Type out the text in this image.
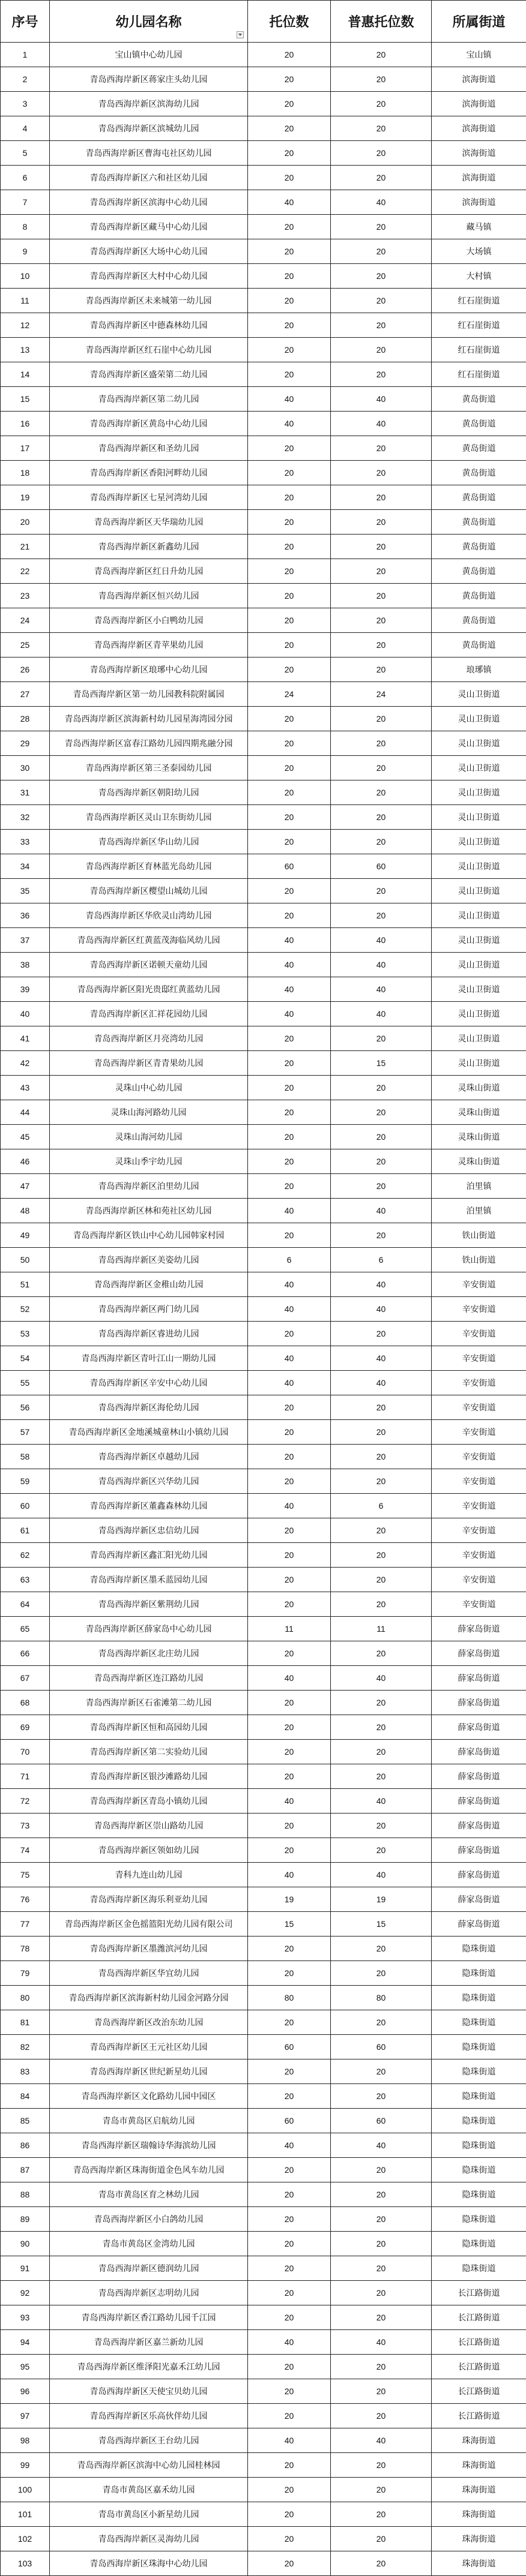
序号	幼儿园名称	托位数	普惠托位数	所属街道
1	宝山镇中心幼儿园	20	20	宝山镇
2	青岛西海岸新区蒋家庄头幼儿园	20	20	滨海街道
3	青岛西海岸新区滨海幼儿园	20	20	滨海街道
4	青岛西海岸新区滨城幼儿园	20	20	滨海街道
5	青岛西海岸新区曹海屯社区幼儿园	20	20	滨海街道
6	青岛西海岸新区六和社区幼儿园	20	20	滨海街道
7	青岛西海岸新区滨海中心幼儿园	40	40	滨海街道
8	青岛西海岸新区藏马中心幼儿园	20	20	藏马镇
9	青岛西海岸新区大场中心幼儿园	20	20	大场镇
10	青岛西海岸新区大村中心幼儿园	20	20	大村镇
11	青岛西海岸新区未来城第一幼儿园	20	20	红石崖街道
12	青岛西海岸新区中德森林幼儿园	20	20	红石崖街道
13	青岛西海岸新区红石崖中心幼儿园	20	20	红石崖街道
14	青岛西海岸新区盛荣第二幼儿园	20	20	红石崖街道
15	青岛西海岸新区第二幼儿园	40	40	黄岛街道
16	青岛西海岸新区黄岛中心幼儿园	40	40	黄岛街道
17	青岛西海岸新区和圣幼儿园	20	20	黄岛街道
18	青岛西海岸新区香阳河畔幼儿园	20	20	黄岛街道
19	青岛西海岸新区七星河湾幼儿园	20	20	黄岛街道
20	青岛西海岸新区天华瑞幼儿园	20	20	黄岛街道
21	青岛西海岸新区新鑫幼儿园	20	20	黄岛街道
22	青岛西海岸新区红日升幼儿园	20	20	黄岛街道
23	青岛西海岸新区恒兴幼儿园	20	20	黄岛街道
24	青岛西海岸新区小白鸭幼儿园	20	20	黄岛街道
25	青岛西海岸新区青苹果幼儿园	20	20	黄岛街道
26	青岛西海岸新区琅琊中心幼儿园	20	20	琅琊镇
27	青岛西海岸新区第一幼儿园教科院附属园	24	24	灵山卫街道
28	青岛西海岸新区滨海新村幼儿园星海湾园分园	20	20	灵山卫街道
29	青岛西海岸新区富春江路幼儿园四期兆融分园	20	20	灵山卫街道
30	青岛西海岸新区第三圣泰园幼儿园	20	20	灵山卫街道
31	青岛西海岸新区朝阳幼儿园	20	20	灵山卫街道
32	青岛西海岸新区灵山卫东街幼儿园	20	20	灵山卫街道
33	青岛西海岸新区华山幼儿园	20	20	灵山卫街道
34	青岛西海岸新区育林蓝光岛幼儿园	60	60	灵山卫街道
35	青岛西海岸新区樱望山城幼儿园	20	20	灵山卫街道
36	青岛西海岸新区华欣灵山湾幼儿园	20	20	灵山卫街道
37	青岛西海岸新区红黄蓝茂海临风幼儿园	40	40	灵山卫街道
38	青岛西海岸新区诺顿天童幼儿园	40	40	灵山卫街道
39	青岛西海岸新区阳光贵邸红黄蓝幼儿园	40	40	灵山卫街道
40	青岛西海岸新区汇祥花园幼儿园	40	40	灵山卫街道
41	青岛西海岸新区月亮湾幼儿园	20	20	灵山卫街道
42	青岛西海岸新区青青果幼儿园	20	15	灵山卫街道
43	灵珠山中心幼儿园	20	20	灵珠山街道
44	灵珠山海河路幼儿园	20	20	灵珠山街道
45	灵珠山海河幼儿园	20	20	灵珠山街道
46	灵珠山季宇幼儿园	20	20	灵珠山街道
47	青岛西海岸新区泊里幼儿园	20	20	泊里镇
48	青岛西海岸新区林和苑社区幼儿园	40	40	泊里镇
49	青岛西海岸新区铁山中心幼儿园韩家村园	20	20	铁山街道
50	青岛西海岸新区美姿幼儿园	6	6	铁山街道
51	青岛西海岸新区金稚山幼儿园	40	40	辛安街道
52	青岛西海岸新区两门幼儿园	40	40	辛安街道
53	青岛西海岸新区睿进幼儿园	20	20	辛安街道
54	青岛西海岸新区青叶江山一期幼儿园	40	40	辛安街道
55	青岛西海岸新区辛安中心幼儿园	40	40	辛安街道
56	青岛西海岸新区海伦幼儿园	20	20	辛安街道
57	青岛西海岸新区金地溪城童林山小镇幼儿园	20	20	辛安街道
58	青岛西海岸新区卓越幼儿园	20	20	辛安街道
59	青岛西海岸新区兴华幼儿园	20	20	辛安街道
60	青岛西海岸新区董鑫森林幼儿园	40	6	辛安街道
61	青岛西海岸新区忠信幼儿园	20	20	辛安街道
62	青岛西海岸新区鑫汇阳光幼儿园	20	20	辛安街道
63	青岛西海岸新区墨禾蓝园幼儿园	20	20	辛安街道
64	青岛西海岸新区紫荆幼儿园	20	20	辛安街道
65	青岛西海岸新区薛家岛中心幼儿园	11	11	薛家岛街道
66	青岛西海岸新区北庄幼儿园	20	20	薛家岛街道
67	青岛西海岸新区连江路幼儿园	40	40	薛家岛街道
68	青岛西海岸新区石雀滩第二幼儿园	20	20	薛家岛街道
69	青岛西海岸新区恒和高园幼儿园	20	20	薛家岛街道
70	青岛西海岸新区第二实验幼儿园	20	20	薛家岛街道
71	青岛西海岸新区银沙滩路幼儿园	20	20	薛家岛街道
72	青岛西海岸新区青岛小镇幼儿园	40	40	薛家岛街道
73	青岛西海岸新区崇山路幼儿园	20	20	薛家岛街道
74	青岛西海岸新区领如幼儿园	20	20	薛家岛街道
75	青科九连山幼儿园	40	40	薛家岛街道
76	青岛西海岸新区海乐利亚幼儿园	19	19	薛家岛街道
77	青岛西海岸新区金色摇篮阳光幼儿园有限公司	15	15	薛家岛街道
78	青岛西海岸新区墨潍滨河幼儿园	20	20	隐珠街道
79	青岛西海岸新区华宜幼儿园	20	20	隐珠街道
80	青岛西海岸新区滨海新村幼儿园金河路分园	80	80	隐珠街道
81	青岛西海岸新区改治东幼儿园	20	20	隐珠街道
82	青岛西海岸新区王元社区幼儿园	60	60	隐珠街道
83	青岛西海岸新区世纪新星幼儿园	20	20	隐珠街道
84	青岛西海岸新区文化路幼儿园中园区	20	20	隐珠街道
85	青岛市黄岛区启航幼儿园	60	60	隐珠街道
86	青岛西海岸新区瑞翰诗华海滨幼儿园	40	40	隐珠街道
87	青岛西海岸新区珠海街道金色风车幼儿园	20	20	隐珠街道
88	青岛市黄岛区育之林幼儿园	20	20	隐珠街道
89	青岛西海岸新区小白鸽幼儿园	20	20	隐珠街道
90	青岛市黄岛区金湾幼儿园	20	20	隐珠街道
91	青岛西海岸新区德润幼儿园	20	20	隐珠街道
92	青岛西海岸新区志明幼儿园	20	20	长江路街道
93	青岛西海岸新区香江路幼儿园千江园	20	20	长江路街道
94	青岛西海岸新区嘉兰新幼儿园	40	40	长江路街道
95	青岛西海岸新区维泽阳光嘉禾江幼儿园	20	20	长江路街道
96	青岛西海岸新区天使宝贝幼儿园	20	20	长江路街道
97	青岛西海岸新区乐高伙伴幼儿园	20	20	长江路街道
98	青岛西海岸新区王台幼儿园	40	40	珠海街道
99	青岛西海岸新区滨海中心幼儿园桂林园	20	20	珠海街道
100	青岛市黄岛区嘉禾幼儿园	20	20	珠海街道
101	青岛市黄岛区小新星幼儿园	20	20	珠海街道
102	青岛西海岸新区灵海幼儿园	20	20	珠海街道
103	青岛西海岸新区珠海中心幼儿园	20	20	珠海街道
